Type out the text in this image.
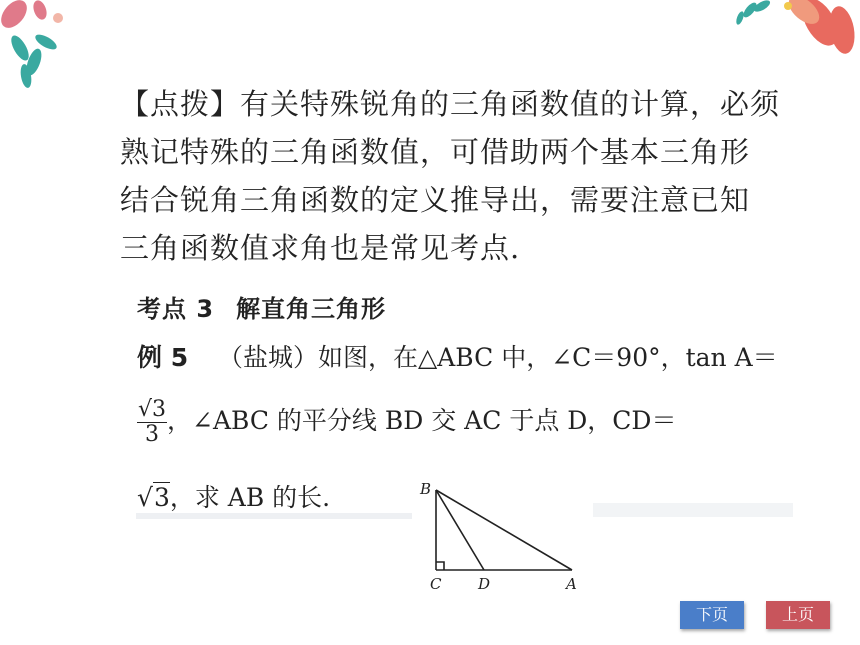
【点拨】有关特殊锐角的三角函数值的计算，必须
熟记特殊的三角函数值，可借助两个基本三角形
结合锐角三角函数的定义推导出，需要注意已知
三角函数值求角也是常见考点.
考点 3 解直角三角形
例 5 （盐城）如图，在△ABC 中，∠C＝90°，tan A＝
$\frac{√3}{3}$ ，∠ABC 的平分线 BD 交 AC 于点 D，CD＝
√3，求 AB 的长.	B
C D	A
下页	上页
